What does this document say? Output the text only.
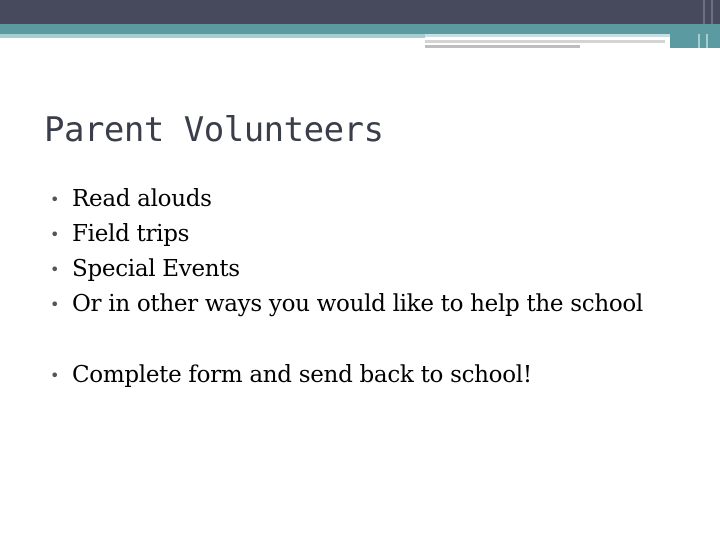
Parent Volunteers
• Read alouds
• Field trips
• Special Events
• Or in other ways you would like to help the school
• Complete form and send back to school!
